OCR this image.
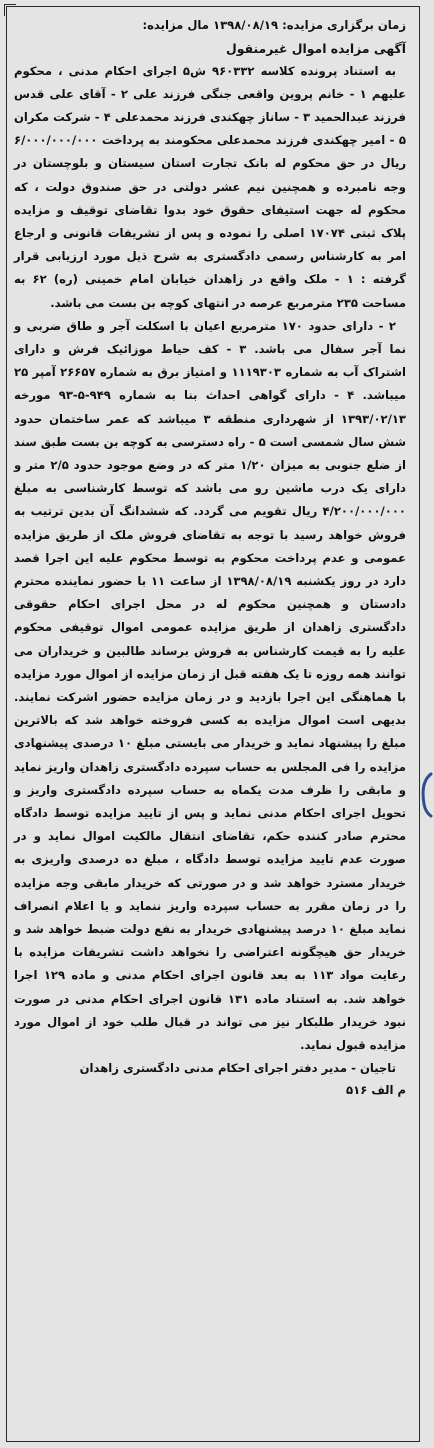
زمان برگزاری مزایده: ۱۳۹۸/۰۸/۱۹ مال مزایده:

آگهی مزایده اموال غیرمنقول

به استناد پرونده کلاسه ۹۶۰۳۳۲ ش۵ اجرای احکام مدنی ، محکوم علیهم ۱ - خانم پروین واقعی جنگی فرزند علی ۲ - آقای علی قدس فرزند عبدالحمید ۳ - ساناز چهکندی فرزند محمدعلی ۴ - شرکت مکران ۵ - امیر چهکندی فرزند محمدعلی محکومند به پرداخت ۶/۰۰۰/۰۰۰/۰۰۰ ریال در حق محکوم له بانک تجارت استان سیستان و بلوچستان در وجه نامبرده و همچنین نیم عشر دولتی در حق صندوق دولت ، که محکوم له جهت استیفای حقوق خود بدوا تقاضای توقیف و مزایده پلاک ثبتی ۱۷۰۷۴ اصلی را نموده و پس از تشریفات قانونی و ارجاع امر به کارشناس رسمی دادگستری به شرح ذیل مورد ارزیابی قرار گرفته : ۱ - ملک واقع در زاهدان خیابان امام خمینی (ره) ۶۲ به مساحت ۲۳۵ مترمربع عرصه در انتهای کوچه بن بست می باشد.

۲ - دارای حدود ۱۷۰ مترمربع اعیان با اسکلت آجر و طاق ضربی و نما آجر سفال می باشد. ۳ - کف حیاط موزائیک فرش و دارای اشتراک آب به شماره ۱۱۱۹۳۰۳ و امتیاز برق به شماره ۲۶۶۵۷ آمپر ۲۵ میباشد. ۴ - دارای گواهی احداث بنا به شماره ۹۴۹-۵-۹۳ مورخه ۱۳۹۳/۰۲/۱۳ از شهرداری منطقه ۳ میباشد که عمر ساختمان حدود شش سال شمسی است ۵ - راه دسترسی به کوچه بن بست طبق سند از ضلع جنوبی به میزان ۱/۲۰ متر که در وضع موجود حدود ۲/۵ متر و دارای یک درب ماشین رو می باشد که توسط کارشناسی به مبلغ ۴/۲۰۰/۰۰۰/۰۰۰ ریال تقویم می گردد. که ششدانگ آن بدین ترتیب به فروش خواهد رسید با توجه به تقاضای فروش ملک از طریق مزایده عمومی و عدم پرداخت محکوم به توسط محکوم علیه این اجرا قصد دارد در روز یکشنبه ۱۳۹۸/۰۸/۱۹ از ساعت ۱۱ با حضور نماینده محترم دادستان و همچنین محکوم له در محل اجرای احکام حقوقی دادگستری زاهدان از طریق مزایده عمومی اموال توقیفی محکوم علیه را به قیمت کارشناس به فروش برساند طالبین و خریداران می توانند همه روزه تا یک هفته قبل از زمان مزایده از اموال مورد مزایده با هماهنگی این اجرا بازدید و در زمان مزایده حضور اشرکت نمایند. بدیهی است اموال مزایده به کسی فروخته خواهد شد که بالاترین مبلغ را پیشنهاد نماید و خریدار می بایستی مبلغ ۱۰ درصدی پیشنهادی مزایده را فی المجلس به حساب سپرده دادگستری زاهدان واریز نماید و مابقی را ظرف مدت یکماه به حساب سپرده دادگستری واریز و تحویل اجرای احکام مدنی نماید و پس از تایید مزایده توسط دادگاه محترم صادر کننده حکم، تقاضای انتقال مالکیت اموال نماید و در صورت عدم تایید مزایده توسط دادگاه ، مبلغ ده درصدی واریزی به خریدار مسترد خواهد شد و در صورتی که خریدار مابقی وجه مزایده را در زمان مقرر به حساب سپرده واریز ننماید و یا اعلام انصراف نماید مبلغ ۱۰ درصد پیشنهادی خریدار به نفع دولت ضبط خواهد شد و خریدار حق هیچگونه اعتراضی را نخواهد داشت تشریفات مزایده با رعایت مواد ۱۱۳ به بعد قانون اجرای احکام مدنی و ماده ۱۲۹ اجرا خواهد شد. به استناد ماده ۱۳۱ قانون اجرای احکام مدنی در صورت نبود خریدار طلبکار نیز می تواند در قبال طلب خود از اموال مورد مزایده قبول نماید.

تاجیان - مدیر دفتر اجرای احکام مدنی دادگستری زاهدان

م الف ۵۱۶
